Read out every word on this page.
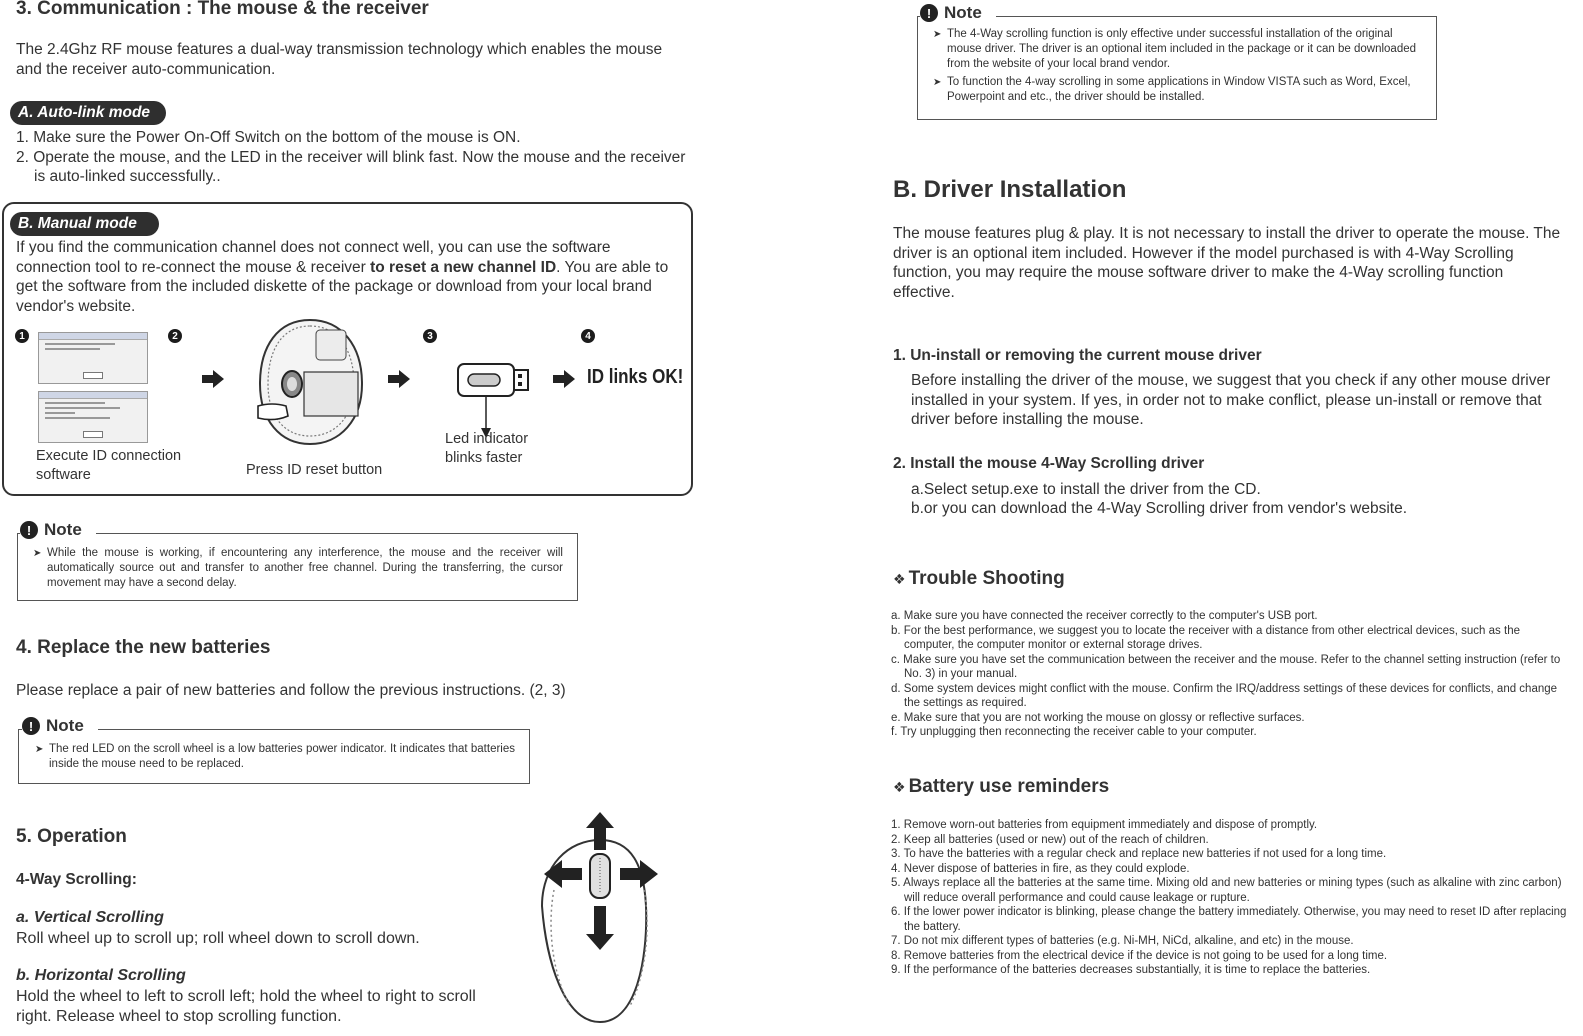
3. Communication : The mouse & the receiver
The 2.4Ghz RF mouse features a dual-way transmission technology which enables the mouse and the receiver auto-communication.
A. Auto-link mode
1. Make sure the Power On-Off Switch on the bottom of the mouse is ON.
2. Operate the mouse, and the LED in the receiver will blink fast. Now the mouse and the receiver is auto-linked successfully..
B. Manual mode
If you find the communication channel does not connect well, you can use the software connection tool to re-connect the mouse & receiver to reset a new channel ID. You are able to get the software from the included diskette of the package or download from your local brand vendor's website.
1	2	3	4
Execute ID connection software	Press ID reset button
Led indicator blinks faster
ID links OK!
! Note
➤ While the mouse is working, if encountering any interference, the mouse and the receiver will automatically source out and transfer to another free channel. During the transferring, the cursor movement may have a second delay.
4. Replace the new batteries
Please replace a pair of new batteries and follow the previous instructions. (2, 3)
! Note
➤ The red LED on the scroll wheel is a low batteries power indicator. It indicates that batteries inside the mouse need to be replaced.
5. Operation
4-Way Scrolling:
a. Vertical Scrolling
Roll wheel up to scroll up; roll wheel down to scroll down.
b. Horizontal Scrolling
Hold the wheel to left to scroll left; hold the wheel to right to scroll right. Release wheel to stop scrolling function.
! Note
➤ The 4-Way scrolling function is only effective under successful installation of the original mouse driver. The driver is an optional item included in the package or it can be downloaded from the website of your local brand vendor.
➤ To function the 4-way scrolling in some applications in Window VISTA such as Word, Excel, Powerpoint and etc., the driver should be installed.
B. Driver Installation
The mouse features plug & play. It is not necessary to install the driver to operate the mouse. The driver is an optional item included. However if the model purchased is with 4-Way Scrolling function, you may require the mouse software driver to make the 4-Way scrolling function effective.
1. Un-install or removing the current mouse driver
Before installing the driver of the mouse, we suggest that you check if any other mouse driver installed in your system. If yes, in order not to make conflict, please un-install or remove that driver before installing the mouse.
2. Install the mouse 4-Way Scrolling driver
a.Select setup.exe to install the driver from the CD.
b.or you can download the 4-Way Scrolling driver from vendor's website.
❖ Trouble Shooting
a. Make sure you have connected the receiver correctly to the computer's USB port.
b. For the best performance, we suggest you to locate the receiver with a distance from other electrical devices, such as the computer, the computer monitor or external storage drives.
c. Make sure you have set the communication between the receiver and the mouse. Refer to the channel setting instruction (refer to No. 3) in your manual.
d. Some system devices might conflict with the mouse. Confirm the IRQ/address settings of these devices for conflicts, and change the settings as required.
e. Make sure that you are not working the mouse on glossy or reflective surfaces.
f. Try unplugging then reconnecting the receiver cable to your computer.
❖ Battery use reminders
1. Remove worn-out batteries from equipment immediately and dispose of promptly.
2. Keep all batteries (used or new) out of the reach of children.
3. To have the batteries with a regular check and replace new batteries if not used for a long time.
4. Never dispose of batteries in fire, as they could explode.
5. Always replace all the batteries at the same time. Mixing old and new batteries or mining types (such as alkaline with zinc carbon) will reduce overall performance and could cause leakage or rupture.
6. If the lower power indicator is blinking, please change the battery immediately. Otherwise, you may need to reset ID after replacing the battery.
7. Do not mix different types of batteries (e.g. Ni-MH, NiCd, alkaline, and etc) in the mouse.
8. Remove batteries from the electrical device if the device is not going to be used for a long time.
9. If the performance of the batteries decreases substantially, it is time to replace the batteries.
